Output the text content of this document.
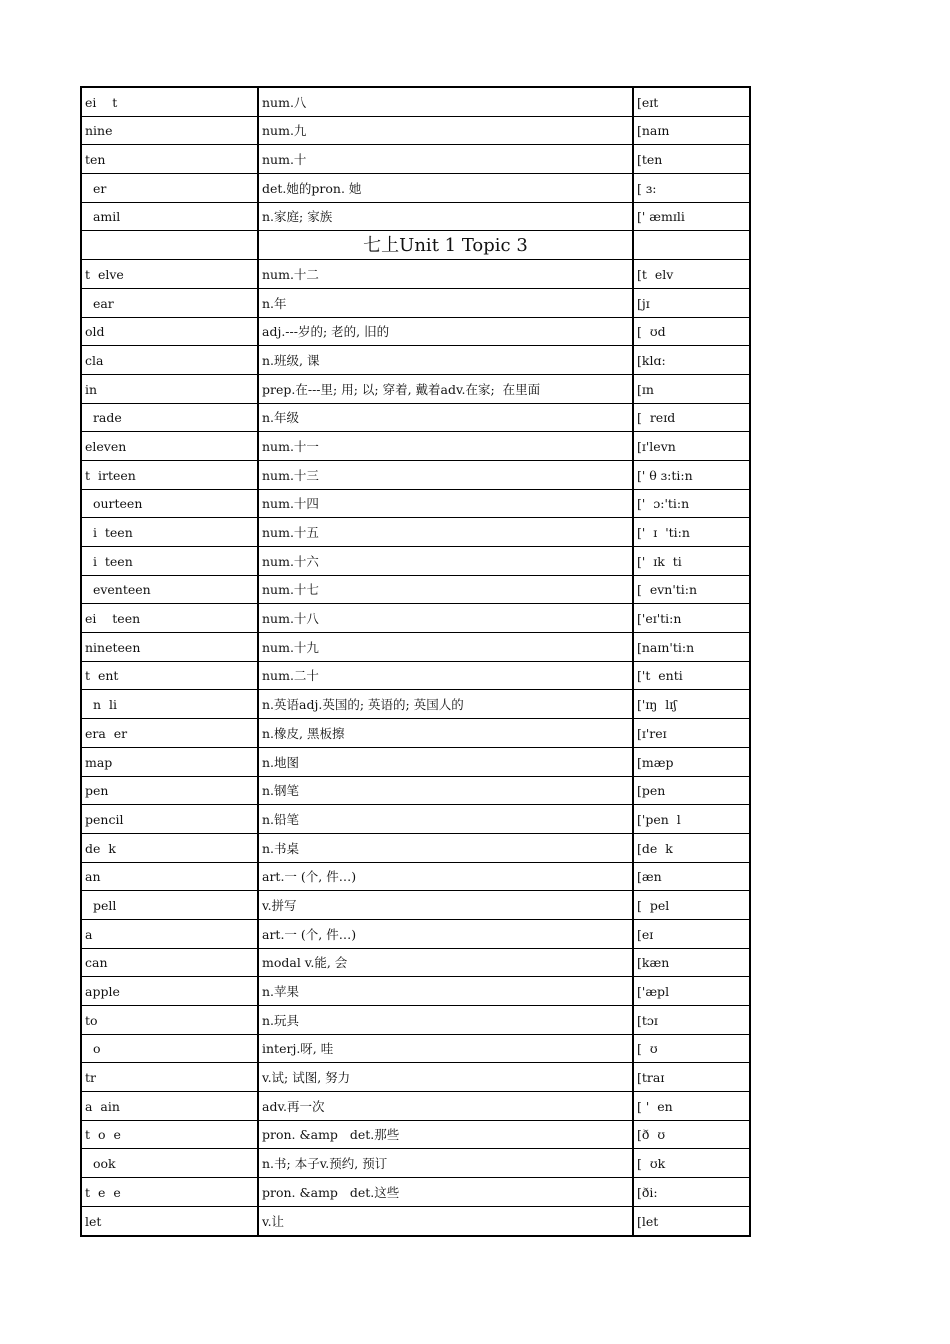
ei    t	num.八	[eɪt
nine	num.九	[naɪn
ten	num.十	[ten
er	det.她的pron. 她	[ ɜ:
amil	n.家庭; 家族	[' æmɪli
	七上Unit 1 Topic 3	
t  elve	num.十二	[t  elv
ear	n.年	[jɪ
old	adj.---岁的; 老的, 旧的	[  ʊd
cla	n.班级, 课	[klɑ:
in	prep.在---里; 用; 以; 穿着, 戴着adv.在家;  在里面	[ɪn
rade	n.年级	[  reɪd
eleven	num.十一	[ɪ'levn
t  irteen	num.十三	[' θ ɜ:ti:n
ourteen	num.十四	['  ɔ:'ti:n
i  teen	num.十五	['  ɪ  'ti:n
i  teen	num.十六	['  ɪk  ti
eventeen	num.十七	[  evn'ti:n
ei    teen	num.十八	['eɪ'ti:n
nineteen	num.十九	[naɪn'ti:n
t  ent	num.二十	['t  enti
n  li	n.英语adj.英国的; 英语的; 英国人的	['ɪŋ  lɪʃ
era  er	n.橡皮, 黑板擦	[ɪ'reɪ
map	n.地图	[mæp
pen	n.钢笔	[pen
pencil	n.铅笔	['pen  l
de  k	n.书桌	[de  k
an	art.一 (个, 件…)	[æn
pell	v.拼写	[  pel
a	art.一 (个, 件…)	[eɪ
can	modal v.能, 会	[kæn
apple	n.苹果	['æpl
to	n.玩具	[tɔɪ
o	interj.呀, 哇	[  ʊ
tr	v.试; 试图, 努力	[traɪ
a  ain	adv.再一次	[ '  en
t  o  e	pron. &amp   det.那些	[ð  ʊ
ook	n.书; 本子v.预约, 预订	[  ʊk
t  e  e	pron. &amp   det.这些	[ði:
let	v.让	[let
